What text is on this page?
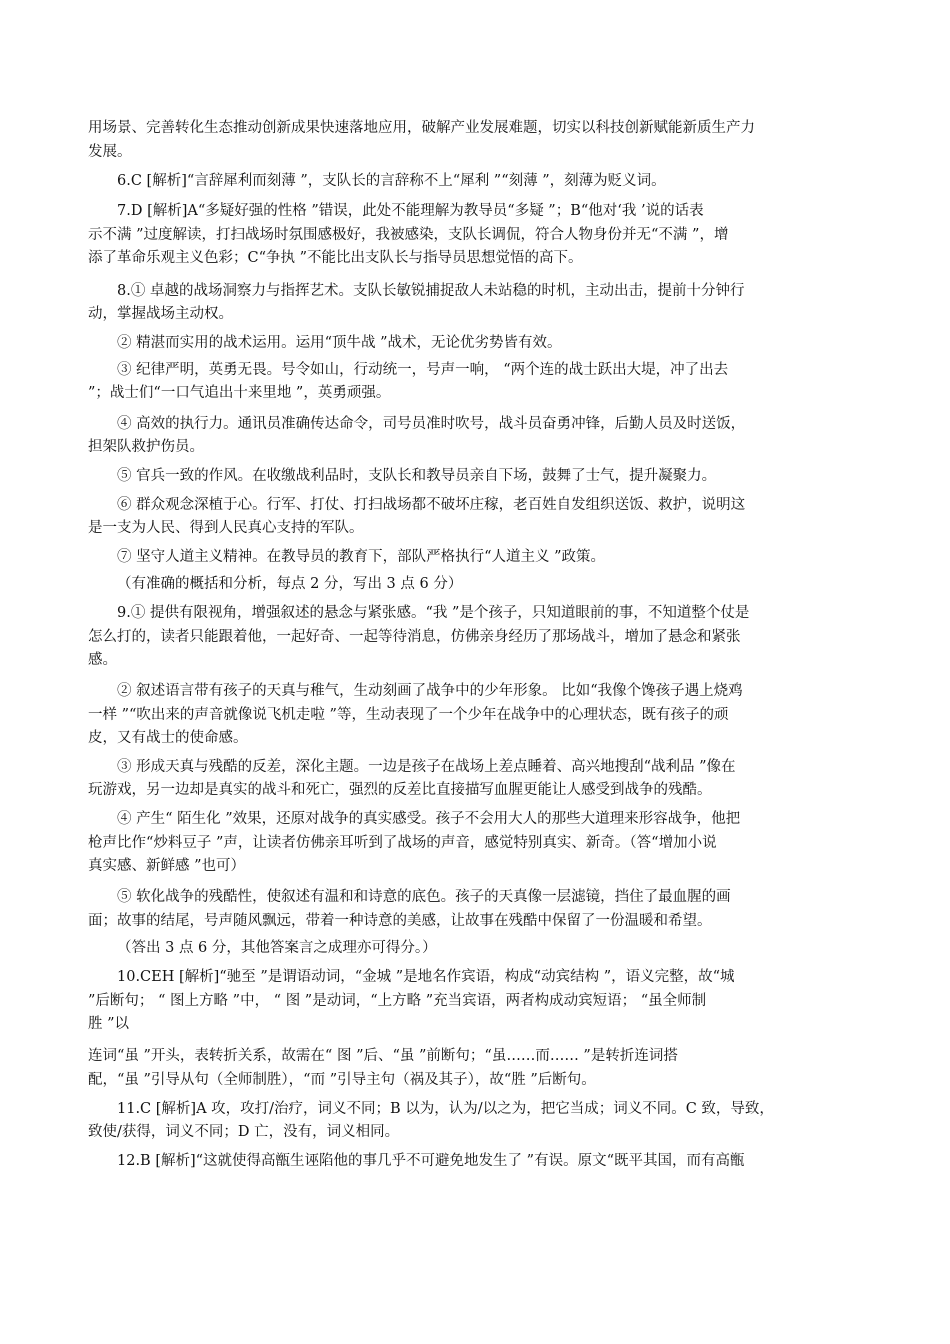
用场景、完善转化生态推动创新成果快速落地应用，破解产业发展难题，切实以科技创新赋能新质生产力

发展。

6.C [解析]“言辞犀利而刻薄 ”，支队长的言辞称不上“犀利 ”“刻薄 ”，刻薄为贬义词。

7.D [解析]A“多疑好强的性格 ”错误，此处不能理解为教导员“多疑 ”；B“他对‘我 ’说的话表

示不满 ”过度解读，打扫战场时氛围感极好，我被感染，支队长调侃，符合人物身份并无“不满 ”，增

添了革命乐观主义色彩；C“争执 ”不能比出支队长与指导员思想觉悟的高下。

8.① 卓越的战场洞察力与指挥艺术。支队长敏锐捕捉敌人未站稳的时机，主动出击，提前十分钟行

动，掌握战场主动权。

② 精湛而实用的战术运用。运用“顶牛战 ”战术，无论优劣势皆有效。

③ 纪律严明，英勇无畏。号令如山，行动统一，号声一响， “两个连的战士跃出大堤，冲了出去

”；战士们“一口气追出十来里地 ”，英勇顽强。

④ 高效的执行力。通讯员准确传达命令，司号员准时吹号，战斗员奋勇冲锋，后勤人员及时送饭，

担架队救护伤员。

⑤ 官兵一致的作风。在收缴战利品时，支队长和教导员亲自下场，鼓舞了士气，提升凝聚力。

⑥ 群众观念深植于心。行军、打仗、打扫战场都不破坏庄稼，老百姓自发组织送饭、救护，说明这

是一支为人民、得到人民真心支持的军队。

⑦ 坚守人道主义精神。在教导员的教育下，部队严格执行“人道主义 ”政策。

（有准确的概括和分析，每点 2 分，写出 3 点 6 分）

9.① 提供有限视角，增强叙述的悬念与紧张感。“我 ”是个孩子，只知道眼前的事，不知道整个仗是

怎么打的，读者只能跟着他，一起好奇、一起等待消息，仿佛亲身经历了那场战斗，增加了悬念和紧张

感。

② 叙述语言带有孩子的天真与稚气，生动刻画了战争中的少年形象。 比如“我像个馋孩子遇上烧鸡

一样 ”“吹出来的声音就像说飞机走啦 ”等，生动表现了一个少年在战争中的心理状态，既有孩子的顽

皮，又有战士的使命感。

③ 形成天真与残酷的反差，深化主题。一边是孩子在战场上差点睡着、高兴地搜刮“战利品 ”像在

玩游戏，另一边却是真实的战斗和死亡，强烈的反差比直接描写血腥更能让人感受到战争的残酷。

④ 产生“ 陌生化 ”效果，还原对战争的真实感受。孩子不会用大人的那些大道理来形容战争，他把

枪声比作“炒料豆子 ”声，让读者仿佛亲耳听到了战场的声音，感觉特别真实、新奇。（答“增加小说

真实感、新鲜感 ”也可）

⑤ 软化战争的残酷性，使叙述有温和和诗意的底色。孩子的天真像一层滤镜，挡住了最血腥的画

面；故事的结尾，号声随风飘远，带着一种诗意的美感，让故事在残酷中保留了一份温暖和希望。

（答出 3 点 6 分，其他答案言之成理亦可得分。）

10.CEH [解析]“驰至 ”是谓语动词，“金城 ”是地名作宾语，构成“动宾结构 ”，语义完整，故“城

”后断句； “ 图上方略 ”中， “ 图 ”是动词，“上方略 ”充当宾语，两者构成动宾短语； “虽全师制

胜 ”以

连词“虽 ”开头，表转折关系，故需在“ 图 ”后、“虽 ”前断句；“虽……而…… ”是转折连词搭

配，“虽 ”引导从句（全师制胜），“而 ”引导主句（祸及其子），故“胜 ”后断句。

11.C [解析]A 攻，攻打/治疗，词义不同；B 以为，认为/以之为，把它当成；词义不同。C 致，导致，

致使/获得，词义不同；D 亡，没有，词义相同。

12.B [解析]“这就使得高甑生诬陷他的事几乎不可避免地发生了 ”有误。原文“既平其国，而有高甑
